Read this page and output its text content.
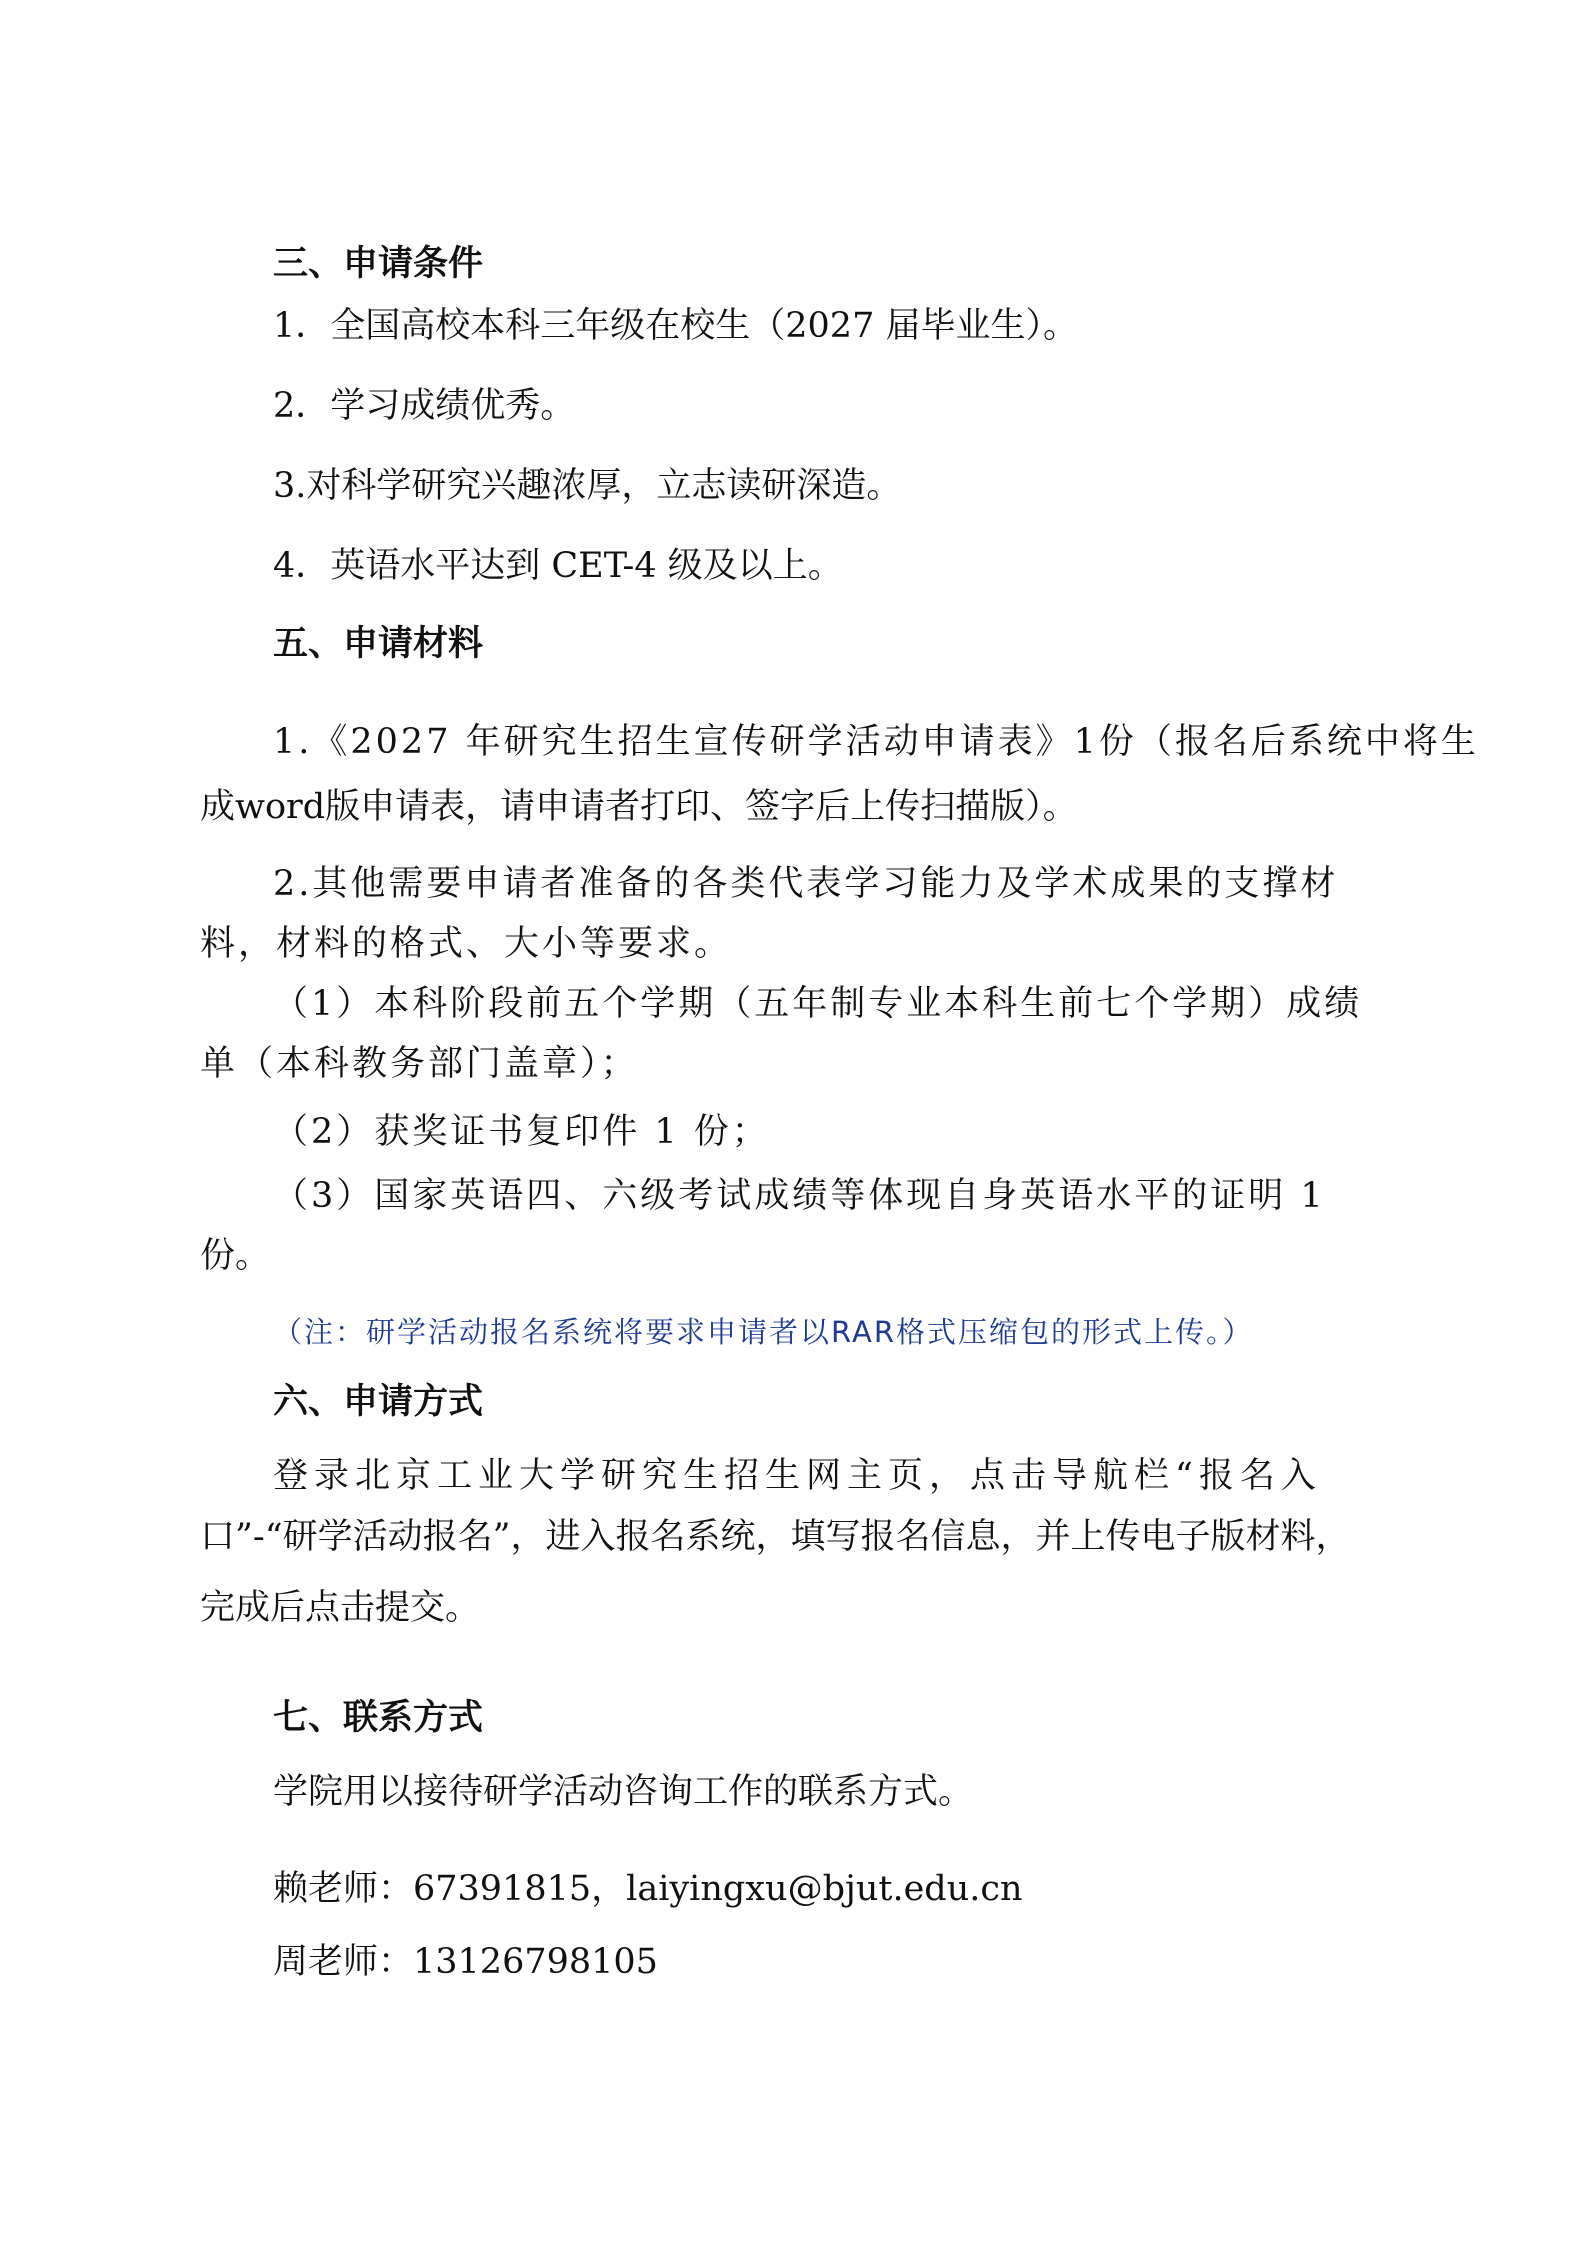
三、申请条件
1．全国高校本科三年级在校生（2027 届毕业生）。
2．学习成绩优秀。
3.对科学研究兴趣浓厚，立志读研深造。
4．英语水平达到 CET-4 级及以上。
五、申请材料
1.《2027 年研究生招生宣传研学活动申请表》1份（报名后系统中将生
成word版申请表，请申请者打印、签字后上传扫描版）。
2.其他需要申请者准备的各类代表学习能力及学术成果的支撑材
料，材料的格式、大小等要求。
（1）本科阶段前五个学期（五年制专业本科生前七个学期）成绩
单（本科教务部门盖章）；
（2）获奖证书复印件 1 份；
（3）国家英语四、六级考试成绩等体现自身英语水平的证明 1
份。
（注：研学活动报名系统将要求申请者以RAR格式压缩包的形式上传。）
六、申请方式
登录北京工业大学研究生招生网主页，点击导航栏“报名入
口”-“研学活动报名”，进入报名系统，填写报名信息，并上传电子版材料，
完成后点击提交。
七、联系方式
学院用以接待研学活动咨询工作的联系方式。
赖老师：67391815，laiyingxu@bjut.edu.cn
周老师：13126798105
